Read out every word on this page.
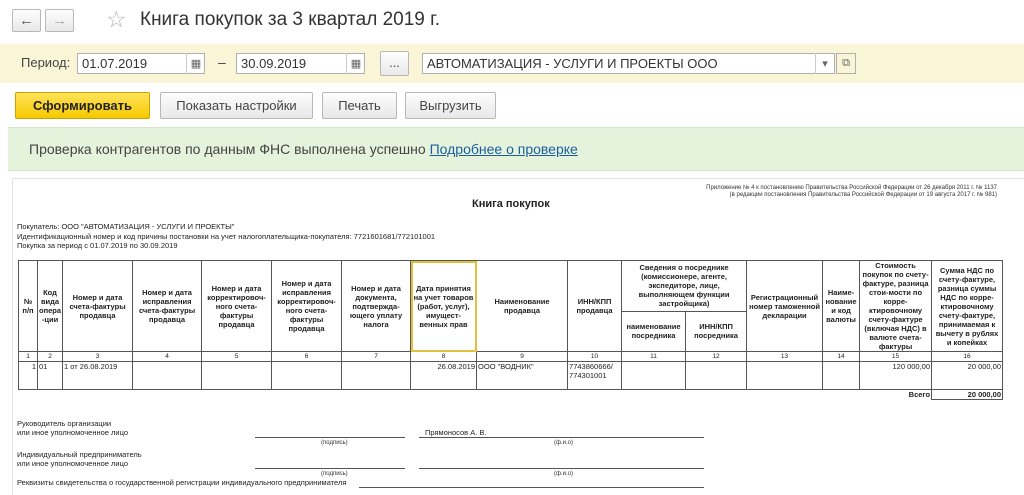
← → ☆ Книга покупок за 3 квартал 2019 г.
Период: 01.07.2019	▦ –	30.09.2019	▦	...	АВТОМАТИЗАЦИЯ - УСЛУГИ И ПРОЕКТЫ ООО	▾	⧉
Сформировать	Показать настройки	Печать	Выгрузить
Проверка контрагентов по данным ФНС выполнена успешно Подробнее о проверке
Приложение № 4 к постановлению Правительства Российской Федерации от 26 декабря 2011 г. № 1137
(в редакции постановления Правительства Российской Федерации от 19 августа 2017 г. № 981)
Книга покупок
Покупатель: ООО "АВТОМАТИЗАЦИЯ - УСЛУГИ И ПРОЕКТЫ"
Идентификационный номер и код причины постановки на учет налогоплательщика-покупателя: 7721601681/772101001
Покупка за период с 01.07.2019 по 30.09.2019
№ п/п	Код вида опера -ции	Номер и дата счета-фактуры продавца	Номер и дата исправления счета-фактуры продавца	Номер и дата корректировоч-ного счета-фактуры продавца	Номер и дата исправления корректировоч-ного счета-фактуры продавца	Номер и дата документа, подтвержда-ющего уплату налога	Дата принятия на учет товаров (работ, услуг), имущест-венных прав	Наименование продавца	ИНН/КПП продавца	Сведения о посреднике (комиссионере, агенте, экспедиторе, лице, выполняющем функции застройщика)		Регистрационный номер таможенной декларации	Наиме-нование и код валюты	Стоимость покупок по счету-фактуре, разница стои-мости по корре-ктировочному счету-фактуре (включая НДС) в валюте счета-фактуры	Сумма НДС по счету-фактуре, разница суммы НДС по корре-ктировочному счету-фактуре, принимаемая к вычету в рублях и копейках
										наименование посредника	ИНН/КПП посредника				
1	2	3	4	5	6	7	8	9	10	11	12	13	14	15	16
1	01	1 от 26.08.2019					26.08.2019	ООО "ВОДНИК"	7743860666/ 774301001					120 000,00	20 000,00
Всего															20 000,00
Руководитель организации
или иное уполномоченное лицо
(подпись)
Прямоносов А. В.
(ф.и.о)
Индивидуальный предприниматель
или иное уполномоченное лицо
(подпись)	(ф.и.о)
Реквизиты свидетельства о государственной регистрации индивидуального предпринимателя
